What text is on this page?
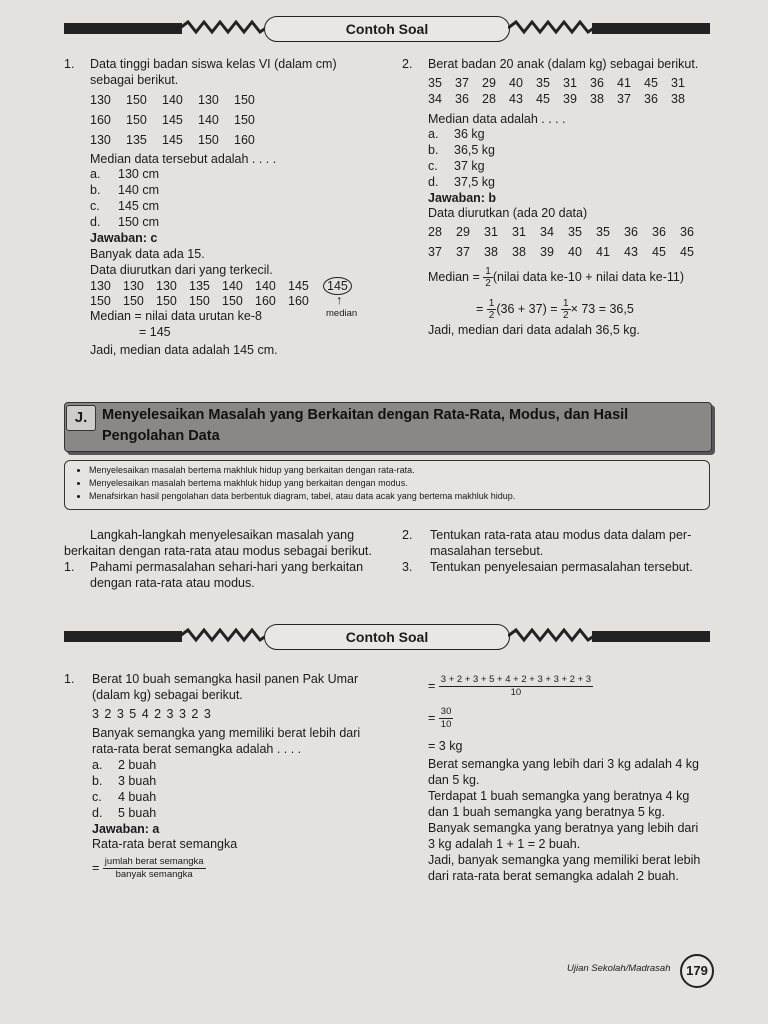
Contoh Soal
1. Data tinggi badan siswa kelas VI (dalam cm)
sebagai berikut.
130 150 140 130 150
160 150 145 140 150
130 135 145 150 160
Median data tersebut adalah . . . .
a. 130 cm
b. 140 cm
c. 145 cm
d. 150 cm
Jawaban: c
Banyak data ada 15.
Data diurutkan dari yang terkecil.
130 130 130 135 140 140 145 145
150 150 150 150 150 160 160	↑
median
Median = nilai data urutan ke-8
= 145
Jadi, median data adalah 145 cm.
2. Berat badan 20 anak (dalam kg) sebagai berikut.
35 37 29 40 35 31 36 41 45 31
34 36 28 43 45 39 38 37 36 38
Median data adalah . . . .
a. 36 kg
b. 36,5 kg
c. 37 kg
d. 37,5 kg
Jawaban: b
Data diurutkan (ada 20 data)
28 29 31 31 34 35 35 36 36 36
37 37 38 38 39 40 41 43 45 45
Median = $\frac{1}{2}$ (nilai data ke-10 + nilai data ke-11)
= $\frac{1}{2} (36 + 37) = \frac{1}{2} \times 73 = 36,5$
Jadi, median dari data adalah 36,5 kg.
J.	Menyelesaikan Masalah yang Berkaitan dengan Rata-Rata, Modus, dan Hasil Pengolahan Data
• Menyelesaikan masalah bertema makhluk hidup yang berkaitan dengan rata-rata.
• Menyelesaikan masalah bertema makhluk hidup yang berkaitan dengan modus.
• Menafsirkan hasil pengolahan data berbentuk diagram, tabel, atau data acak yang bertema makhluk hidup.
Langkah-langkah menyelesaikan masalah yang
berkaitan dengan rata-rata atau modus sebagai berikut.
1. Pahami permasalahan sehari-hari yang berkaitan
dengan rata-rata atau modus.
2. Tentukan rata-rata atau modus data dalam per-
masalahan tersebut.
3. Tentukan penyelesaian permasalahan tersebut.
Contoh Soal
1. Berat 10 buah semangka hasil panen Pak Umar
(dalam kg) sebagai berikut.
3 2 3 5 4 2 3 3 2 3
Banyak semangka yang memiliki berat lebih dari
rata-rata berat semangka adalah . . . .
a. 2 buah
b. 3 buah
c. 4 buah
d. 5 buah
Jawaban: a
Rata-rata berat semangka
= $\frac{\text{jumlah berat semangka}}{\text{banyak semangka}}$
= $\frac{3 + 2 + 3 + 5 + 4 + 2 + 3 + 3 + 2 + 3}{10}$
= $\frac{30}{10}$
= 3 kg
Berat semangka yang lebih dari 3 kg adalah 4 kg
dan 5 kg.
Terdapat 1 buah semangka yang beratnya 4 kg
dan 1 buah semangka yang beratnya 5 kg.
Banyak semangka yang beratnya yang lebih dari
3 kg adalah 1 + 1 = 2 buah.
Jadi, banyak semangka yang memiliki berat lebih
dari rata-rata berat semangka adalah 2 buah.
Ujian Sekolah/Madrasah	179
